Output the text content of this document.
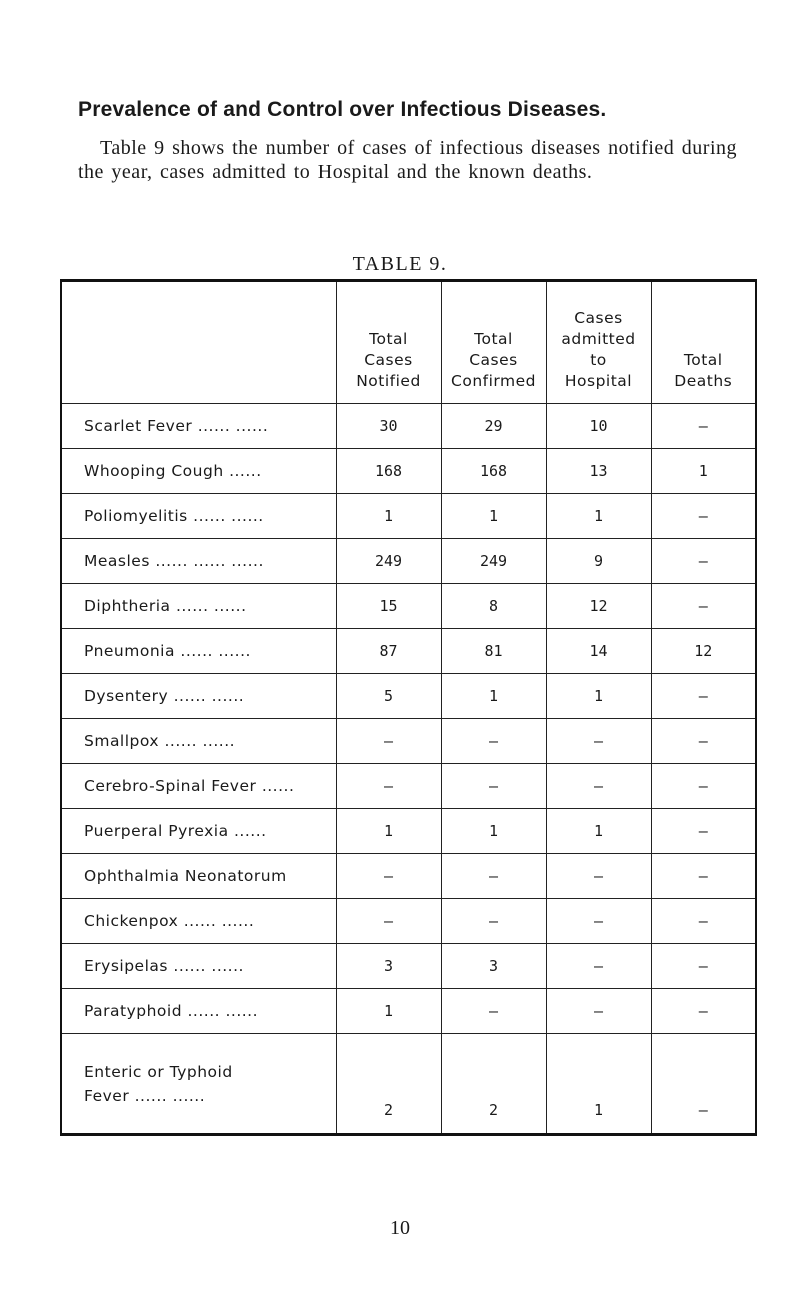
Prevalence of and Control over Infectious Diseases.

Table 9 shows the number of cases of infectious diseases notified during the year, cases admitted to Hospital and the known deaths.

TABLE 9.

	Total
Cases
Notified	Total
Cases
Confirmed	Cases
admitted
to
Hospital	Total
Deaths

Scarlet Fever ...... ......	30	29	10	—
Whooping Cough ......	168	168	13	1
Poliomyelitis ...... ......	1	1	1	—
Measles ...... ...... ......	249	249	9	—
Diphtheria ...... ......	15	8	12	—
Pneumonia ...... ......	87	81	14	12
Dysentery ...... ......	5	1	1	—
Smallpox ...... ......	—	—	—	—
Cerebro-Spinal Fever ......	—	—	—	—
Puerperal Pyrexia ......	1	1	1	—
Ophthalmia Neonatorum	—	—	—	—
Chickenpox ...... ......	—	—	—	—
Erysipelas ...... ......	3	3	—	—
Paratyphoid ...... ......	1	—	—	—
Enteric or Typhoid
Fever ...... ......	2	2	1	—

10
